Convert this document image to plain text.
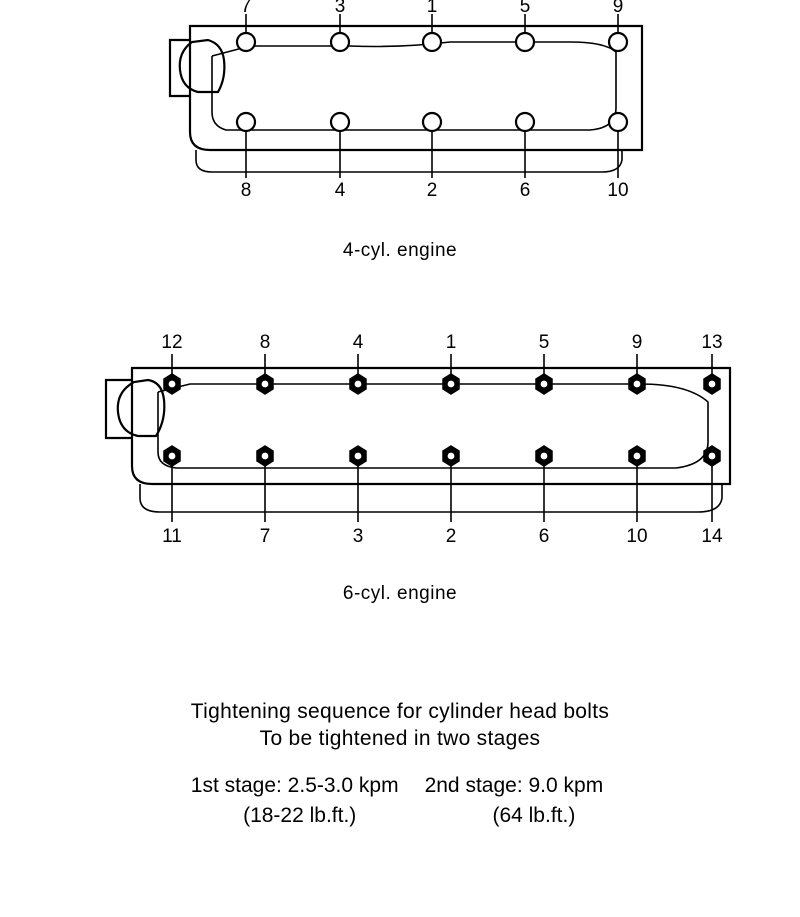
7	3	1	5	9
8	4	2	6	10
4-cyl. engine
12	8	4	1	5	9	13
11	7	3	2	6	10	14
6-cyl. engine
Tightening sequence for cylinder head bolts
To be tightened in two stages
1st stage: 2.5-3.0 kpm
(18-22 lb.ft.)
2nd stage: 9.0 kpm
(64 lb.ft.)
